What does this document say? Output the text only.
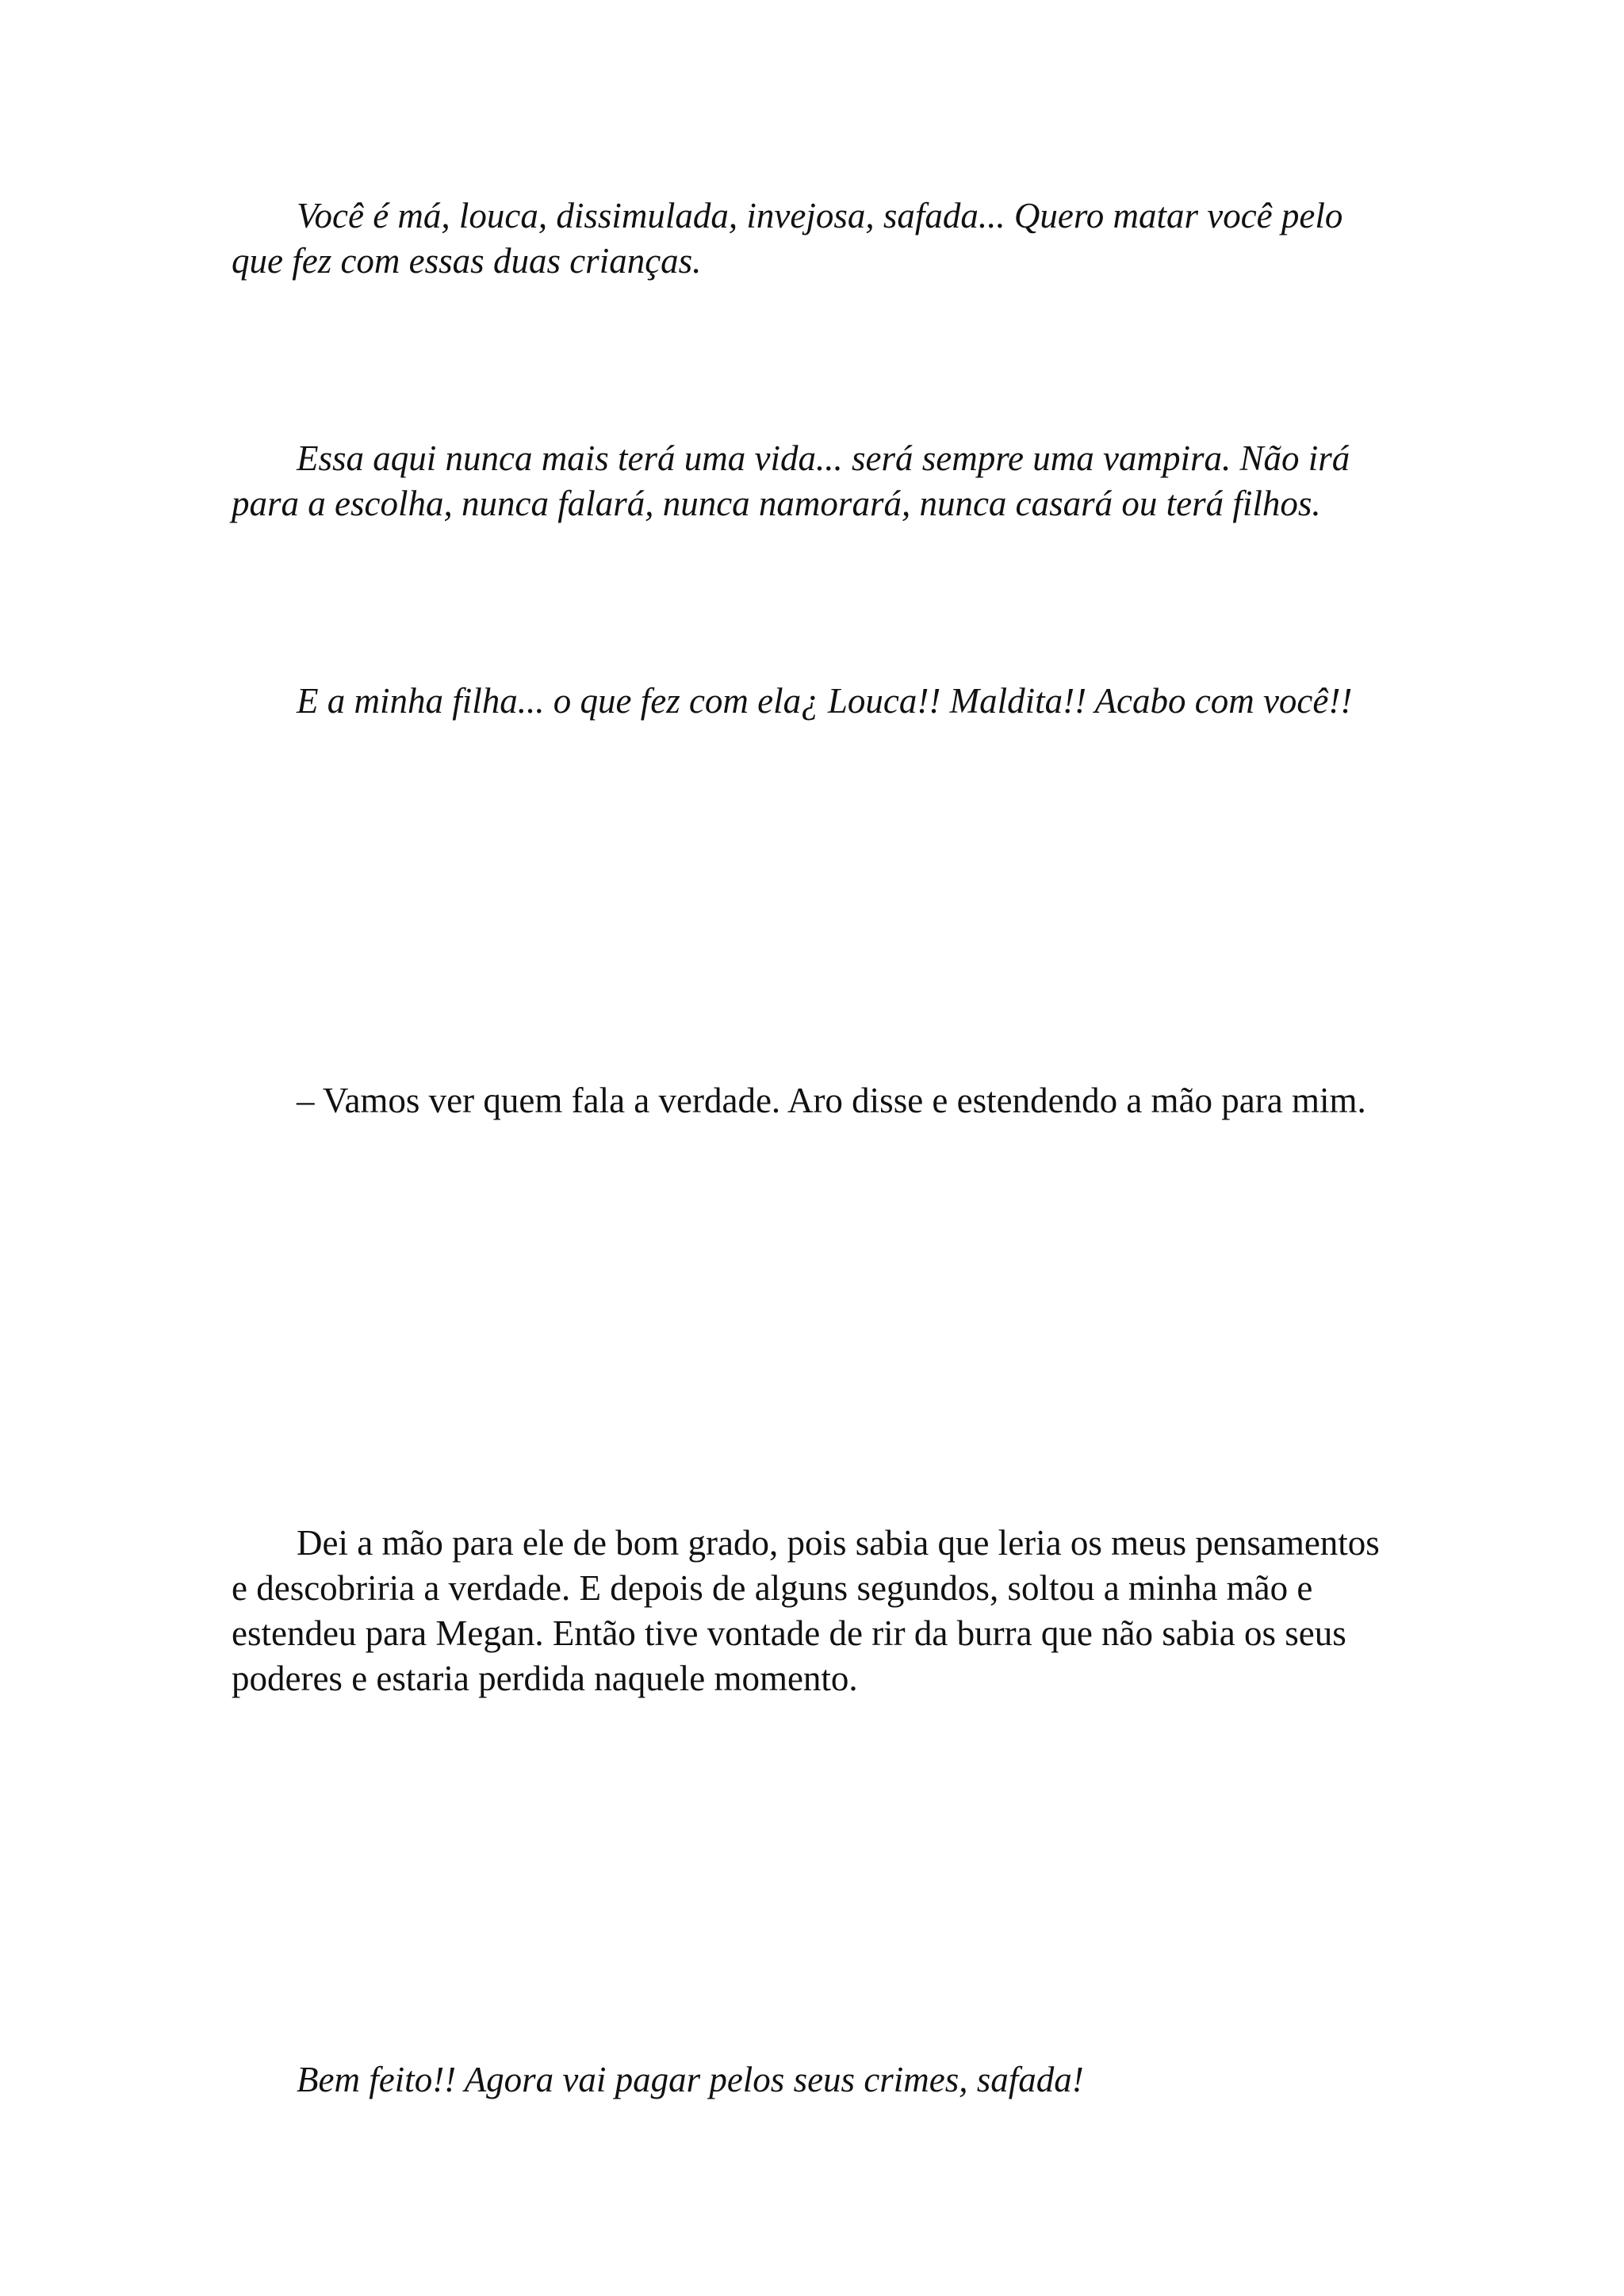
Você é má, louca, dissimulada, invejosa, safada... Quero matar você pelo que fez com essas duas crianças.

Essa aqui nunca mais terá uma vida... será sempre uma vampira. Não irá para a escolha, nunca falará, nunca namorará, nunca casará ou terá filhos.

E a minha filha... o que fez com ela¿ Louca!! Maldita!! Acabo com você!!

– Vamos ver quem fala a verdade. Aro disse e estendendo a mão para mim.

Dei a mão para ele de bom grado, pois sabia que leria os meus pensamentos e descobriria a verdade. E depois de alguns segundos, soltou a minha mão e estendeu para Megan. Então tive vontade de rir da burra que não sabia os seus poderes e estaria perdida naquele momento.

Bem feito!! Agora vai pagar pelos seus crimes, safada!
